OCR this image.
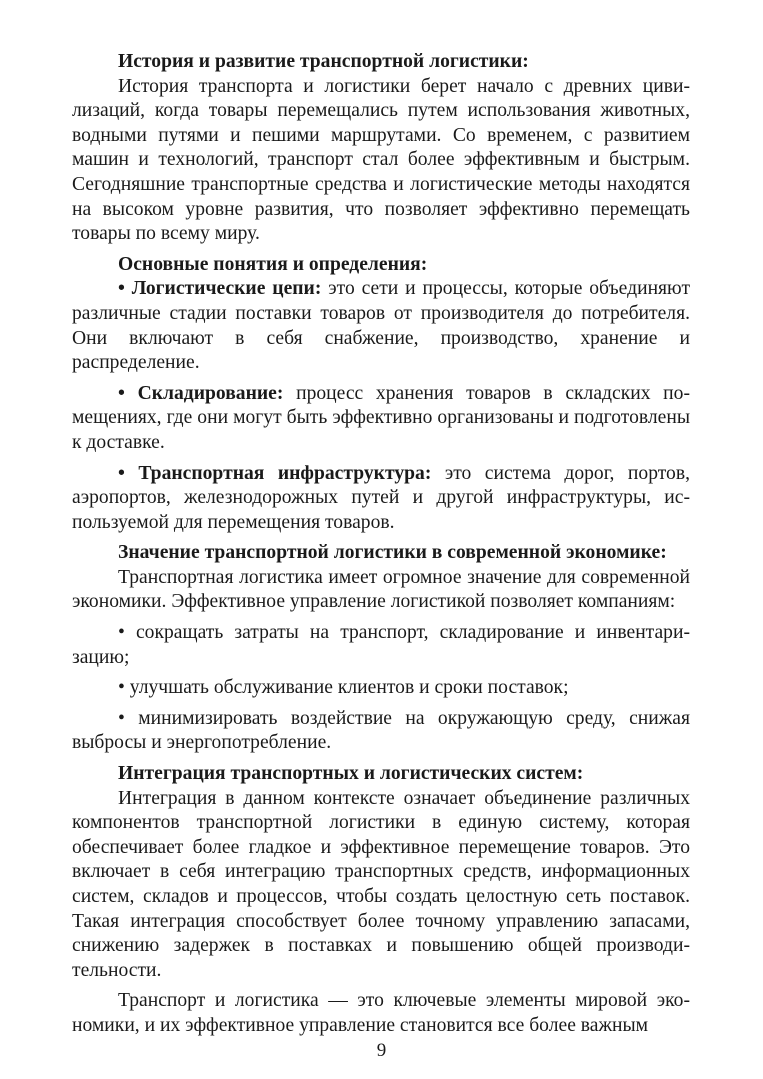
История и развитие транспортной логистики:

История транспорта и логистики берет начало с древних цивилизаций, когда товары перемещались путем использования животных, водными путями и пешими маршрутами. Со временем, с развитием машин и технологий, транспорт стал более эффективным и быстрым. Сегодняшние транспортные средства и логистические методы находятся на высоком уровне развития, что позволяет эффективно перемещать товары по всему миру.

Основные понятия и определения:

• Логистические цепи: это сети и процессы, которые объединяют различные стадии поставки товаров от производителя до потребителя. Они включают в себя снабжение, производство, хранение и распределение.

• Складирование: процесс хранения товаров в складских помещениях, где они могут быть эффективно организованы и подготовлены к доставке.

• Транспортная инфраструктура: это система дорог, портов, аэропортов, железнодорожных путей и другой инфраструктуры, используемой для перемещения товаров.

Значение транспортной логистики в современной экономике:

Транспортная логистика имеет огромное значение для современной экономики. Эффективное управление логистикой позволяет компаниям:

• сокращать затраты на транспорт, складирование и инвентаризацию;

• улучшать обслуживание клиентов и сроки поставок;

• минимизировать воздействие на окружающую среду, снижая выбросы и энергопотребление.

Интеграция транспортных и логистических систем:

Интеграция в данном контексте означает объединение различных компонентов транспортной логистики в единую систему, которая обеспечивает более гладкое и эффективное перемещение товаров. Это включает в себя интеграцию транспортных средств, информационных систем, складов и процессов, чтобы создать целостную сеть поставок. Такая интеграция способствует более точному управлению запасами, снижению задержек в поставках и повышению общей производительности.

Транспорт и логистика — это ключевые элементы мировой экономики, и их эффективное управление становится все более важным

9
